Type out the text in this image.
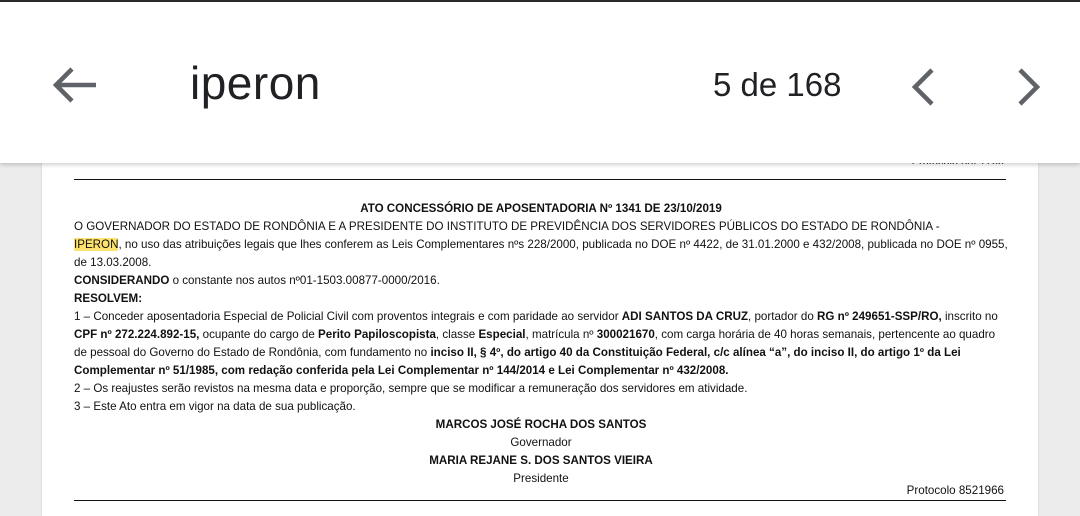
iperon	5 de 168

ATO CONCESSÓRIO DE APOSENTADORIA Nº 1341 DE 23/10/2019

O GOVERNADOR DO ESTADO DE RONDÔNIA E A PRESIDENTE DO INSTITUTO DE PREVIDÊNCIA DOS SERVIDORES PÚBLICOS DO ESTADO DE RONDÔNIA -
IPERON, no uso das atribuições legais que lhes conferem as Leis Complementares nºs 228/2000, publicada no DOE nº 4422, de 31.01.2000 e 432/2008, publicada no DOE nº 0955, de 13.03.2008.

CONSIDERANDO o constante nos autos nº01-1503.00877-0000/2016.

RESOLVEM:

1 – Conceder aposentadoria Especial de Policial Civil com proventos integrais e com paridade ao servidor ADI SANTOS DA CRUZ, portador do RG nº 249651-SSP/RO, inscrito no CPF nº 272.224.892-15, ocupante do cargo de Perito Papiloscopista, classe Especial, matrícula nº 300021670, com carga horária de 40 horas semanais, pertencente ao quadro de pessoal do Governo do Estado de Rondônia, com fundamento no inciso II, § 4º, do artigo 40 da Constituição Federal, c/c alínea “a”, do inciso II, do artigo 1º da Lei Complementar nº 51/1985, com redação conferida pela Lei Complementar nº 144/2014 e Lei Complementar nº 432/2008.

2 – Os reajustes serão revistos na mesma data e proporção, sempre que se modificar a remuneração dos servidores em atividade.

3 – Este Ato entra em vigor na data de sua publicação.

MARCOS JOSÉ ROCHA DOS SANTOS

Governador

MARIA REJANE S. DOS SANTOS VIEIRA

Presidente

Protocolo 8521966
